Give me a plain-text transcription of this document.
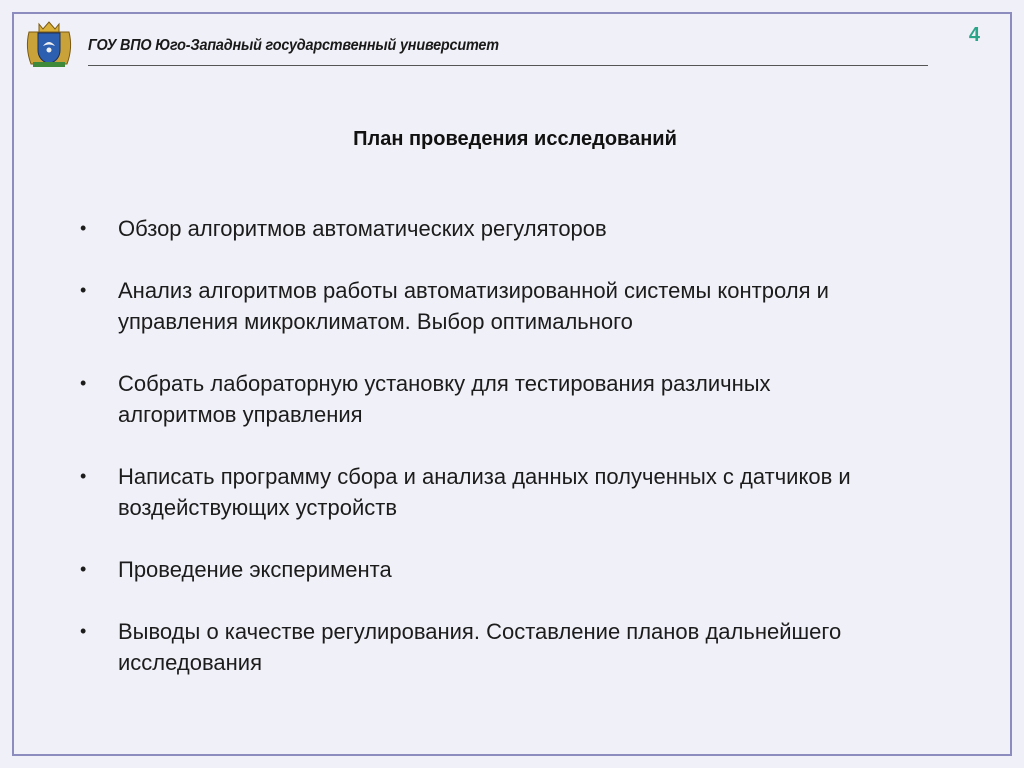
ГОУ ВПО Юго-Западный государственный университет	4
План проведения исследований
• Обзор алгоритмов автоматических регуляторов
• Анализ алгоритмов работы автоматизированной системы контроля и
управления микроклиматом. Выбор оптимального
• Собрать лабораторную установку для тестирования различных
алгоритмов управления
• Написать программу сбора и анализа данных полученных с датчиков и
воздействующих устройств
• Проведение эксперимента
• Выводы о качестве регулирования. Составление планов дальнейшего
исследования
